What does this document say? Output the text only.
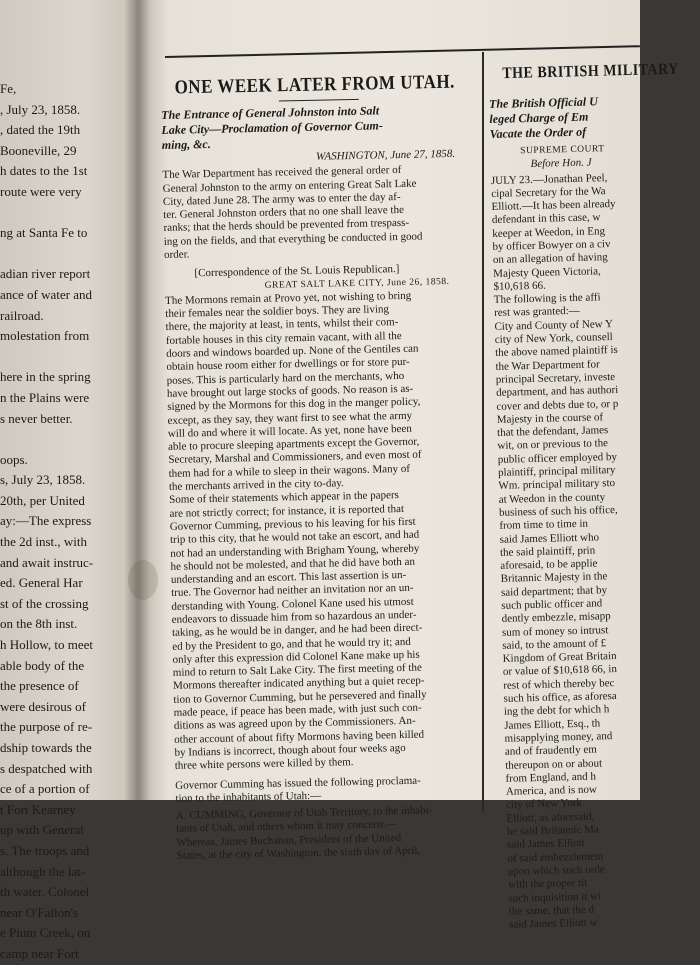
Fe,
, July 23, 1858.
, dated the 19th
Booneville, 29
h dates to the 1st
route were very

ng at Santa Fe to

adian river report
ance of water and
railroad.
molestation from

here in the spring
n the Plains were
s never better.

oops.
s, July 23, 1858.
20th, per United
ay:—The express
the 2d inst., with
and await instruc-
ed. General Har
st of the crossing
on the 8th inst.
h Hollow, to meet
able body of the
the presence of
were desirous of
the purpose of re-
dship towards the
s despatched with
ce of a portion of
t Fort Kearney
up with General
s. The troops and
although the lat-
th water. Colonel
near O'Fallon's
e Pium Creek, on
camp near Fort
ONE WEEK LATER FROM UTAH.
The Entrance of General Johnston into Salt
Lake City—Proclamation of Governor Cum-
ming, &c.
WASHINGTON, June 27, 1858.
The War Department has received the general order of
General Johnston to the army on entering Great Salt Lake
City, dated June 28. The army was to enter the day af-
ter. General Johnston orders that no one shall leave the
ranks; that the herds should be prevented from trespass-
ing on the fields, and that everything be conducted in good
order.
[Correspondence of the St. Louis Republican.]
GREAT SALT LAKE CITY, June 26, 1858.
The Mormons remain at Provo yet, not wishing to bring
their females near the soldier boys. They are living
there, the majority at least, in tents, whilst their com-
fortable houses in this city remain vacant, with all the
doors and windows boarded up. None of the Gentiles can
obtain house room either for dwellings or for store pur-
poses. This is particularly hard on the merchants, who
have brought out large stocks of goods. No reason is as-
signed by the Mormons for this dog in the manger policy,
except, as they say, they want first to see what the army
will do and where it will locate. As yet, none have been
able to procure sleeping apartments except the Governor,
Secretary, Marshal and Commissioners, and even most of
them had for a while to sleep in their wagons. Many of
the merchants arrived in the city to-day.
Some of their statements which appear in the papers
are not strictly correct; for instance, it is reported that
Governor Cumming, previous to his leaving for his first
trip to this city, that he would not take an escort, and had
not had an understanding with Brigham Young, whereby
he should not be molested, and that he did have both an
understanding and an escort. This last assertion is un-
true. The Governor had neither an invitation nor an un-
derstanding with Young. Colonel Kane used his utmost
endeavors to dissuade him from so hazardous an under-
taking, as he would be in danger, and he had been direct-
ed by the President to go, and that he would try it; and
only after this expression did Colonel Kane make up his
mind to return to Salt Lake City. The first meeting of the
Mormons thereafter indicated anything but a quiet recep-
tion to Governor Cumming, but he persevered and finally
made peace, if peace has been made, with just such con-
ditions as was agreed upon by the Commissioners. An-
other account of about fifty Mormons having been killed
by Indians is incorrect, though about four weeks ago
three white persons were killed by them.
Governor Cumming has issued the following proclama-
tion to the inhabitants of Utah:—
A. CUMMING, Governor of Utah Territory, to the inhabi-
tants of Utah, and others whom it may concern:—
Whereas, James Buchanan, President of the United
States, at the city of Washington, the sixth day of April,
THE BRITISH MILITARY
The British Official U
leged Charge of Em
Vacate the Order of
SUPREME COURT
Before Hon. J
JULY 23.—Jonathan Peel,
cipal Secretary for the Wa
Elliott.—It has been already
defendant in this case, w
keeper at Weedon, in Eng
by officer Bowyer on a civ
on an allegation of having
Majesty Queen Victoria,
$10,618 66.
The following is the affi
rest was granted:—
City and County of New Y
city of New York, counsell
the above named plaintiff is
the War Department for
principal Secretary, investe
department, and has authori
cover and debts due to, or p
Majesty in the course of
that the defendant, James
wit, on or previous to the
public officer employed by
plaintiff, principal military
Wm. principal military sto
at Weedon in the county
business of such his office,
from time to time in
said James Elliott who
the said plaintiff, prin
aforesaid, to be applie
Britannic Majesty in the
said department; that by
such public officer and
dently embezzle, misapp
sum of money so intrust
said, to the amount of £
Kingdom of Great Britain
or value of $10,618 66, in
rest of which thereby bec
such his office, as aforesa
ing the debt for which h
James Elliott, Esq., th
misapplying money, and
and of fraudently em
thereupon on or about
from England, and h
America, and is now
city of New York
Elliott, as aforesaid,
he said Britannic Ma
said James Elliott
of said embezzlement
upon which such orde
with the proper tit
such inquisition it wi
the same, that the d
said James Elliott w
